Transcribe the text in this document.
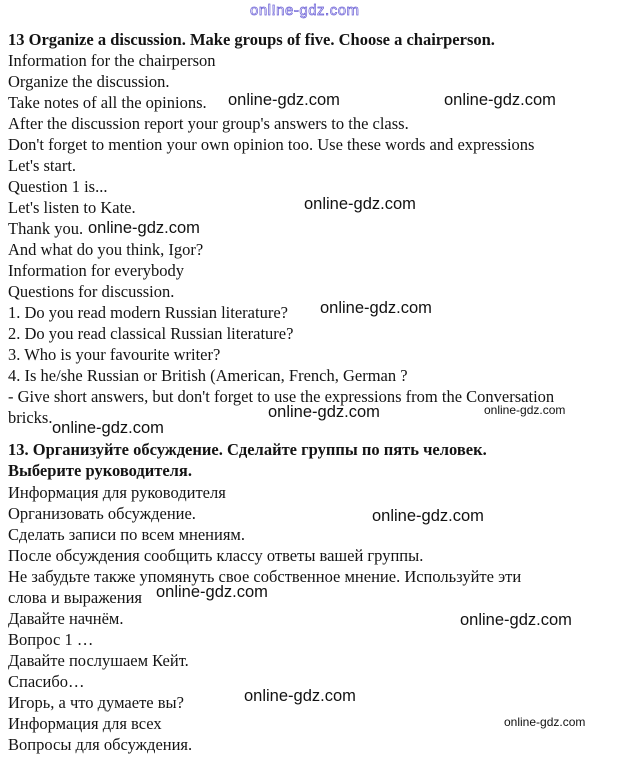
onl!ne-gdz.com
13 Organize a discussion. Make groups of five. Choose a chairperson.
Information for the chairperson
Organize the discussion.
Take notes of all the opinions.
After the discussion report your group's answers to the class.
Don't forget to mention your own opinion too. Use these words and expressions
Let's start.
Question 1 is...
Let's listen to Kate.
Thank you.
And what do you think, Igor?
Information for everybody
Questions for discussion.
1. Do you read modern Russian literature?
2. Do you read classical Russian literature?
3. Who is your favourite writer?
4. Is he/she Russian or British (American, French, German ?
- Give short answers, but don't forget to use the expressions from the Conversation
bricks.
13. Организуйте обсуждение. Сделайте группы по пять человек.
Выберите руководителя.
Информация для руководителя
Организовать обсуждение.
Сделать записи по всем мнениям.
После обсуждения сообщить классу ответы вашей группы.
Не забудьте также упомянуть свое собственное мнение. Используйте эти
слова и выражения
Давайте начнём.
Вопрос 1 …
Давайте послушаем Кейт.
Спасибо…
Игорь, а что думаете вы?
Информация для всех
Вопросы для обсуждения.
online-gdz.com	online-gdz.com
online-gdz.com
online-gdz.com
online-gdz.com
online-gdz.com	online-gdz.com
online-gdz.com
online-gdz.com
online-gdz.com
online-gdz.com
online-gdz.com
online-gdz.com
